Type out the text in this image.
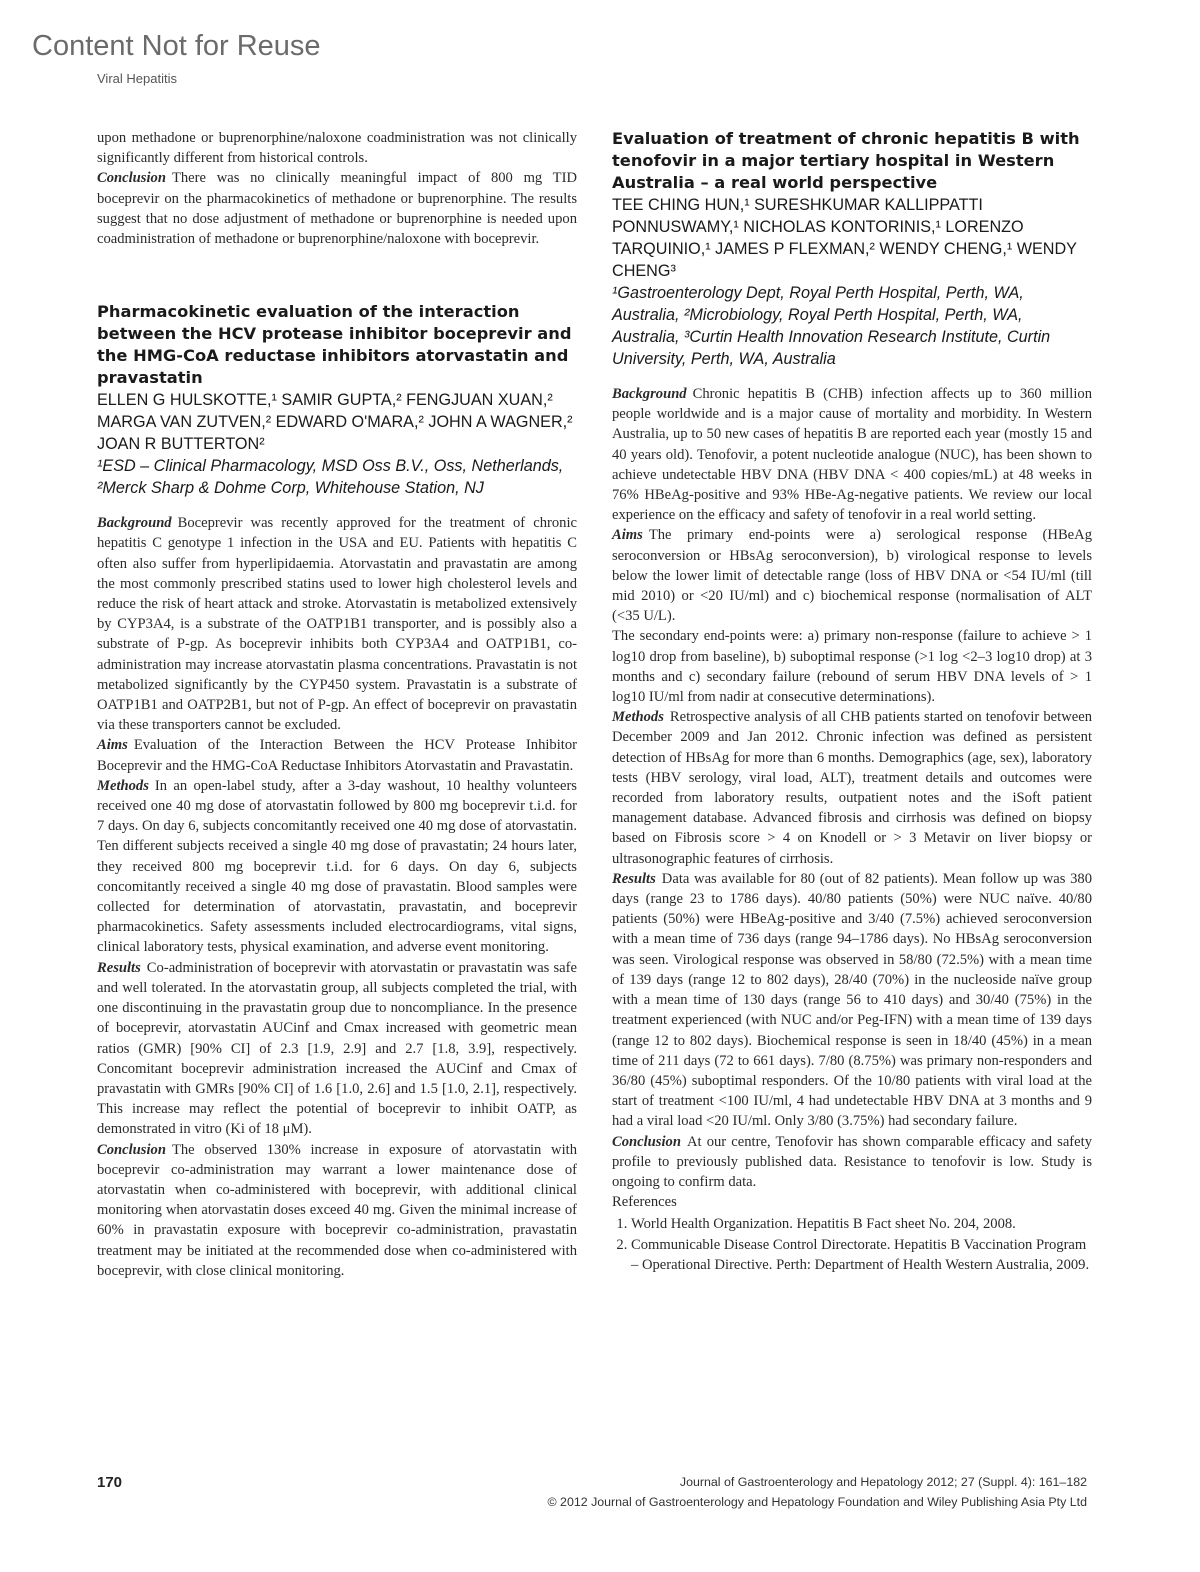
Content Not for Reuse
Viral Hepatitis

upon methadone or buprenorphine/naloxone coadministration was not clinically significantly different from historical controls.

Conclusion There was no clinically meaningful impact of 800 mg TID boceprevir on the pharmacokinetics of methadone or buprenorphine. The results suggest that no dose adjustment of methadone or buprenorphine is needed upon coadministration of methadone or buprenorphine/naloxone with boceprevir.

Pharmacokinetic evaluation of the interaction between the HCV protease inhibitor boceprevir and the HMG-CoA reductase inhibitors atorvastatin and pravastatin

ELLEN G HULSKOTTE,¹ SAMIR GUPTA,² FENGJUAN XUAN,² MARGA VAN ZUTVEN,² EDWARD O'MARA,² JOHN A WAGNER,² JOAN R BUTTERTON²

¹ESD – Clinical Pharmacology, MSD Oss B.V., Oss, Netherlands, ²Merck Sharp & Dohme Corp, Whitehouse Station, NJ

Background Boceprevir was recently approved for the treatment of chronic hepatitis C genotype 1 infection in the USA and EU. Patients with hepatitis C often also suffer from hyperlipidaemia. Atorvastatin and pravastatin are among the most commonly prescribed statins used to lower high cholesterol levels and reduce the risk of heart attack and stroke. Atorvastatin is metabolized extensively by CYP3A4, is a substrate of the OATP1B1 transporter, and is possibly also a substrate of P-gp. As boceprevir inhibits both CYP3A4 and OATP1B1, co-administration may increase atorvastatin plasma concentrations. Pravastatin is not metabolized significantly by the CYP450 system. Pravastatin is a substrate of OATP1B1 and OATP2B1, but not of P-gp. An effect of boceprevir on pravastatin via these transporters cannot be excluded.

Aims Evaluation of the Interaction Between the HCV Protease Inhibitor Boceprevir and the HMG-CoA Reductase Inhibitors Atorvastatin and Pravastatin.

Methods In an open-label study, after a 3-day washout, 10 healthy volunteers received one 40 mg dose of atorvastatin followed by 800 mg boceprevir t.i.d. for 7 days. On day 6, subjects concomitantly received one 40 mg dose of atorvastatin. Ten different subjects received a single 40 mg dose of pravastatin; 24 hours later, they received 800 mg boceprevir t.i.d. for 6 days. On day 6, subjects concomitantly received a single 40 mg dose of pravastatin. Blood samples were collected for determination of atorvastatin, pravastatin, and boceprevir pharmacokinetics. Safety assessments included electrocardiograms, vital signs, clinical laboratory tests, physical examination, and adverse event monitoring.

Results Co-administration of boceprevir with atorvastatin or pravastatin was safe and well tolerated. In the atorvastatin group, all subjects completed the trial, with one discontinuing in the pravastatin group due to noncompliance. In the presence of boceprevir, atorvastatin AUCinf and Cmax increased with geometric mean ratios (GMR) [90% CI] of 2.3 [1.9, 2.9] and 2.7 [1.8, 3.9], respectively. Concomitant boceprevir administration increased the AUCinf and Cmax of pravastatin with GMRs [90% CI] of 1.6 [1.0, 2.6] and 1.5 [1.0, 2.1], respectively. This increase may reflect the potential of boceprevir to inhibit OATP, as demonstrated in vitro (Ki of 18 μM).

Conclusion The observed 130% increase in exposure of atorvastatin with boceprevir co-administration may warrant a lower maintenance dose of atorvastatin when co-administered with boceprevir, with additional clinical monitoring when atorvastatin doses exceed 40 mg. Given the minimal increase of 60% in pravastatin exposure with boceprevir co-administration, pravastatin treatment may be initiated at the recommended dose when co-administered with boceprevir, with close clinical monitoring.

Evaluation of treatment of chronic hepatitis B with tenofovir in a major tertiary hospital in Western Australia – a real world perspective

TEE CHING HUN,¹ SURESHKUMAR KALLIPPATTI PONNUSWAMY,¹ NICHOLAS KONTORINIS,¹ LORENZO TARQUINIO,¹ JAMES P FLEXMAN,² WENDY CHENG,¹ WENDY CHENG³

¹Gastroenterology Dept, Royal Perth Hospital, Perth, WA, Australia, ²Microbiology, Royal Perth Hospital, Perth, WA, Australia, ³Curtin Health Innovation Research Institute, Curtin University, Perth, WA, Australia

Background Chronic hepatitis B (CHB) infection affects up to 360 million people worldwide and is a major cause of mortality and morbidity. In Western Australia, up to 50 new cases of hepatitis B are reported each year (mostly 15 and 40 years old). Tenofovir, a potent nucleotide analogue (NUC), has been shown to achieve undetectable HBV DNA (HBV DNA < 400 copies/mL) at 48 weeks in 76% HBeAg-positive and 93% HBe-Ag-negative patients. We review our local experience on the efficacy and safety of tenofovir in a real world setting.

Aims The primary end-points were a) serological response (HBeAg seroconversion or HBsAg seroconversion), b) virological response to levels below the lower limit of detectable range (loss of HBV DNA or <54 IU/ml (till mid 2010) or <20 IU/ml) and c) biochemical response (normalisation of ALT (<35 U/L).

The secondary end-points were: a) primary non-response (failure to achieve > 1 log10 drop from baseline), b) suboptimal response (>1 log <2–3 log10 drop) at 3 months and c) secondary failure (rebound of serum HBV DNA levels of > 1 log10 IU/ml from nadir at consecutive determinations).

Methods Retrospective analysis of all CHB patients started on tenofovir between December 2009 and Jan 2012. Chronic infection was defined as persistent detection of HBsAg for more than 6 months. Demographics (age, sex), laboratory tests (HBV serology, viral load, ALT), treatment details and outcomes were recorded from laboratory results, outpatient notes and the iSoft patient management database. Advanced fibrosis and cirrhosis was defined on biopsy based on Fibrosis score > 4 on Knodell or > 3 Metavir on liver biopsy or ultrasonographic features of cirrhosis.

Results Data was available for 80 (out of 82 patients). Mean follow up was 380 days (range 23 to 1786 days). 40/80 patients (50%) were NUC naïve. 40/80 patients (50%) were HBeAg-positive and 3/40 (7.5%) achieved seroconversion with a mean time of 736 days (range 94–1786 days). No HBsAg seroconversion was seen. Virological response was observed in 58/80 (72.5%) with a mean time of 139 days (range 12 to 802 days), 28/40 (70%) in the nucleoside naïve group with a mean time of 130 days (range 56 to 410 days) and 30/40 (75%) in the treatment experienced (with NUC and/or Peg-IFN) with a mean time of 139 days (range 12 to 802 days). Biochemical response is seen in 18/40 (45%) in a mean time of 211 days (72 to 661 days). 7/80 (8.75%) was primary non-responders and 36/80 (45%) suboptimal responders. Of the 10/80 patients with viral load at the start of treatment <100 IU/ml, 4 had undetectable HBV DNA at 3 months and 9 had a viral load <20 IU/ml. Only 3/80 (3.75%) had secondary failure.

Conclusion At our centre, Tenofovir has shown comparable efficacy and safety profile to previously published data. Resistance to tenofovir is low. Study is ongoing to confirm data.

References

1. World Health Organization. Hepatitis B Fact sheet No. 204, 2008.
2. Communicable Disease Control Directorate. Hepatitis B Vaccination Program – Operational Directive. Perth: Department of Health Western Australia, 2009.
170	Journal of Gastroenterology and Hepatology 2012; 27 (Suppl. 4): 161–182
© 2012 Journal of Gastroenterology and Hepatology Foundation and Wiley Publishing Asia Pty Ltd
